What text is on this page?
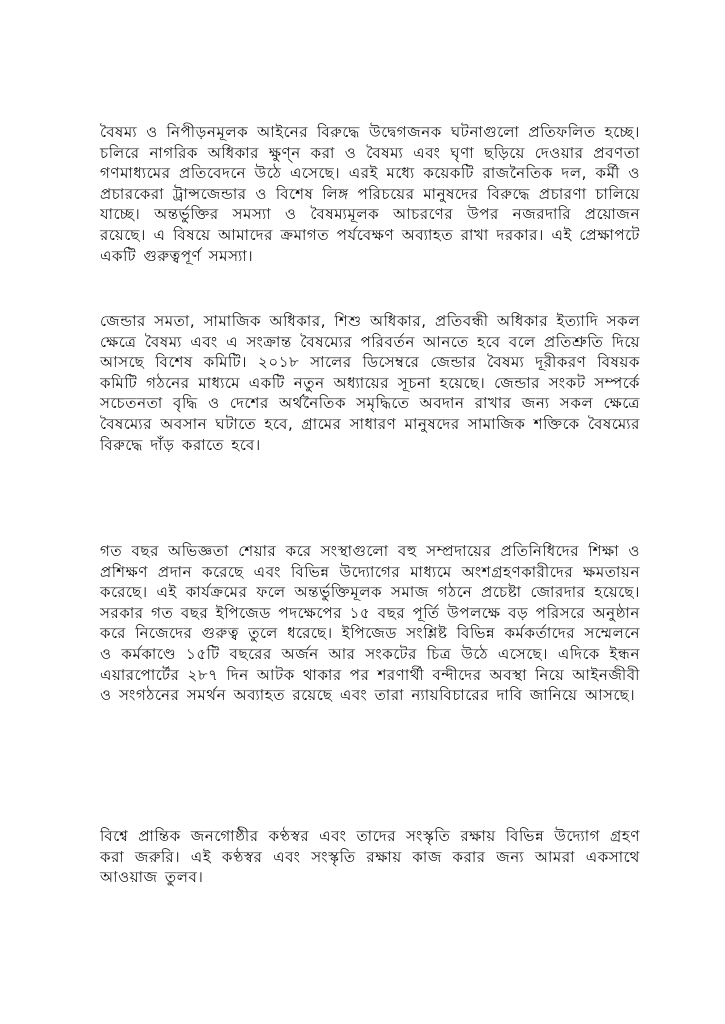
বৈষম্য ও নিপীড়নমূলক আইনের বিরুদ্ধে উদ্বেগজনক ঘটনাগুলো প্রতিফলিত হচ্ছে। চলিরে নাগরিক অধিকার ক্ষুণ্ন করা ও বৈষম্য এবং ঘৃণা ছড়িয়ে দেওয়ার প্রবণতা গণমাধ্যমের প্রতিবেদনে উঠে এসেছে। এরই মধ্যে কয়েকটি রাজনৈতিক দল, কর্মী ও প্রচারকেরা ট্রান্সজেন্ডার ও বিশেষ লিঙ্গ পরিচয়ের মানুষদের বিরুদ্ধে প্রচারণা চালিয়ে যাচ্ছে। অন্তর্ভুক্তির সমস্যা ও বৈষম্যমূলক আচরণের উপর নজরদারি প্রয়োজন রয়েছে। এ বিষয়ে আমাদের ক্রমাগত পর্যবেক্ষণ অব্যাহত রাখা দরকার। এই প্রেক্ষাপটে একটি গুরুত্বপূর্ণ সমস্যা।

জেন্ডার সমতা, সামাজিক অধিকার, শিশু অধিকার, প্রতিবন্ধী অধিকার ইত্যাদি সকল ক্ষেত্রে বৈষম্য এবং এ সংক্রান্ত বৈষম্যের পরিবর্তন আনতে হবে বলে প্রতিশ্রুতি দিয়ে আসছে বিশেষ কমিটি। ২০১৮ সালের ডিসেম্বরে জেন্ডার বৈষম্য দূরীকরণ বিষয়ক কমিটি গঠনের মাধ্যমে একটি নতুন অধ্যায়ের সূচনা হয়েছে। জেন্ডার সংকট সম্পর্কে সচেতনতা বৃদ্ধি ও দেশের অর্থনৈতিক সমৃদ্ধিতে অবদান রাখার জন্য সকল ক্ষেত্রে বৈষম্যের অবসান ঘটাতে হবে, গ্রামের সাধারণ মানুষদের সামাজিক শক্তিকে বৈষম্যের বিরুদ্ধে দাঁড় করাতে হবে।

গত বছর অভিজ্ঞতা শেয়ার করে সংস্থাগুলো বহু সম্প্রদায়ের প্রতিনিধিদের শিক্ষা ও প্রশিক্ষণ প্রদান করেছে এবং বিভিন্ন উদ্যোগের মাধ্যমে অংশগ্রহণকারীদের ক্ষমতায়ন করেছে। এই কার্যক্রমের ফলে অন্তর্ভুক্তিমূলক সমাজ গঠনে প্রচেষ্টা জোরদার হয়েছে। সরকার গত বছর ইপিজেড পদক্ষেপের ১৫ বছর পূর্তি উপলক্ষে বড় পরিসরে অনুষ্ঠান করে নিজেদের গুরুত্ব তুলে ধরেছে। ইপিজেড সংশ্লিষ্ট বিভিন্ন কর্মকর্তাদের সম্মেলনে ও কর্মকাণ্ডে ১৫টি বছরের অর্জন আর সংকটের চিত্র উঠে এসেছে। এদিকে ইন্ধন এয়ারপোর্টের ২৮৭ দিন আটক থাকার পর শরণার্থী বন্দীদের অবস্থা নিয়ে আইনজীবী ও সংগঠনের সমর্থন অব্যাহত রয়েছে এবং তারা ন্যায়বিচারের দাবি জানিয়ে আসছে।

বিশ্বে প্রান্তিক জনগোষ্ঠীর কণ্ঠস্বর এবং তাদের সংস্কৃতি রক্ষায় বিভিন্ন উদ্যোগ গ্রহণ করা জরুরি। এই কণ্ঠস্বর এবং সংস্কৃতি রক্ষায় কাজ করার জন্য আমরা একসাথে আওয়াজ তুলব।
